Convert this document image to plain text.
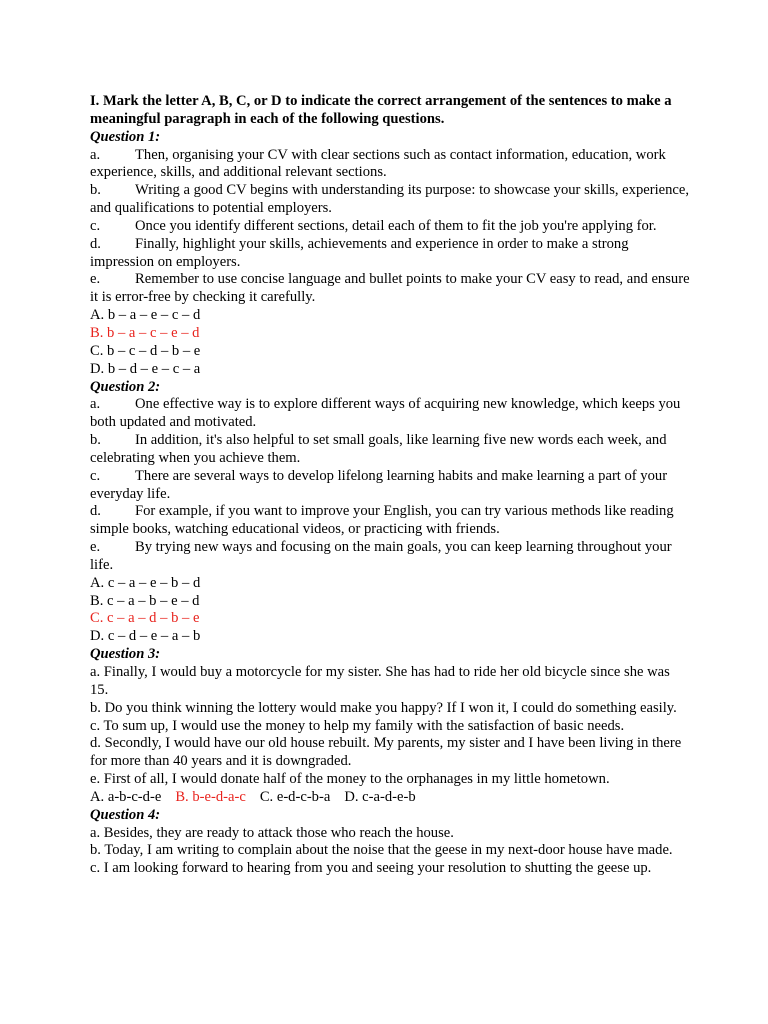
I. Mark the letter A, B, C, or D to indicate the correct arrangement of the sentences to make a meaningful paragraph in each of the following questions.
Question 1:
a. Then, organising your CV with clear sections such as contact information, education, work experience, skills, and additional relevant sections.
b. Writing a good CV begins with understanding its purpose: to showcase your skills, experience, and qualifications to potential employers.
c. Once you identify different sections, detail each of them to fit the job you're applying for.
d. Finally, highlight your skills, achievements and experience in order to make a strong impression on employers.
e. Remember to use concise language and bullet points to make your CV easy to read, and ensure it is error-free by checking it carefully.
A. b – a – e – c – d
B. b – a – c – e – d
C. b – c – d – b – e
D. b – d – e – c – a
Question 2:
a. One effective way is to explore different ways of acquiring new knowledge, which keeps you both updated and motivated.
b. In addition, it's also helpful to set small goals, like learning five new words each week, and celebrating when you achieve them.
c. There are several ways to develop lifelong learning habits and make learning a part of your everyday life.
d. For example, if you want to improve your English, you can try various methods like reading simple books, watching educational videos, or practicing with friends.
e. By trying new ways and focusing on the main goals, you can keep learning throughout your life.
A. c – a – e – b – d
B. c – a – b – e – d
C. c – a – d – b – e
D. c – d – e – a – b
Question 3:
a. Finally, I would buy a motorcycle for my sister. She has had to ride her old bicycle since she was 15.
b. Do you think winning the lottery would make you happy? If I won it, I could do something easily.
c. To sum up, I would use the money to help my family with the satisfaction of basic needs.
d. Secondly, I would have our old house rebuilt. My parents, my sister and I have been living in there for more than 40 years and it is downgraded.
e. First of all, I would donate half of the money to the orphanages in my little hometown.
A. a-b-c-d-e B. b-e-d-a-c C. e-d-c-b-a D. c-a-d-e-b
Question 4:
a. Besides, they are ready to attack those who reach the house.
b. Today, I am writing to complain about the noise that the geese in my next-door house have made.
c. I am looking forward to hearing from you and seeing your resolution to shutting the geese up.
